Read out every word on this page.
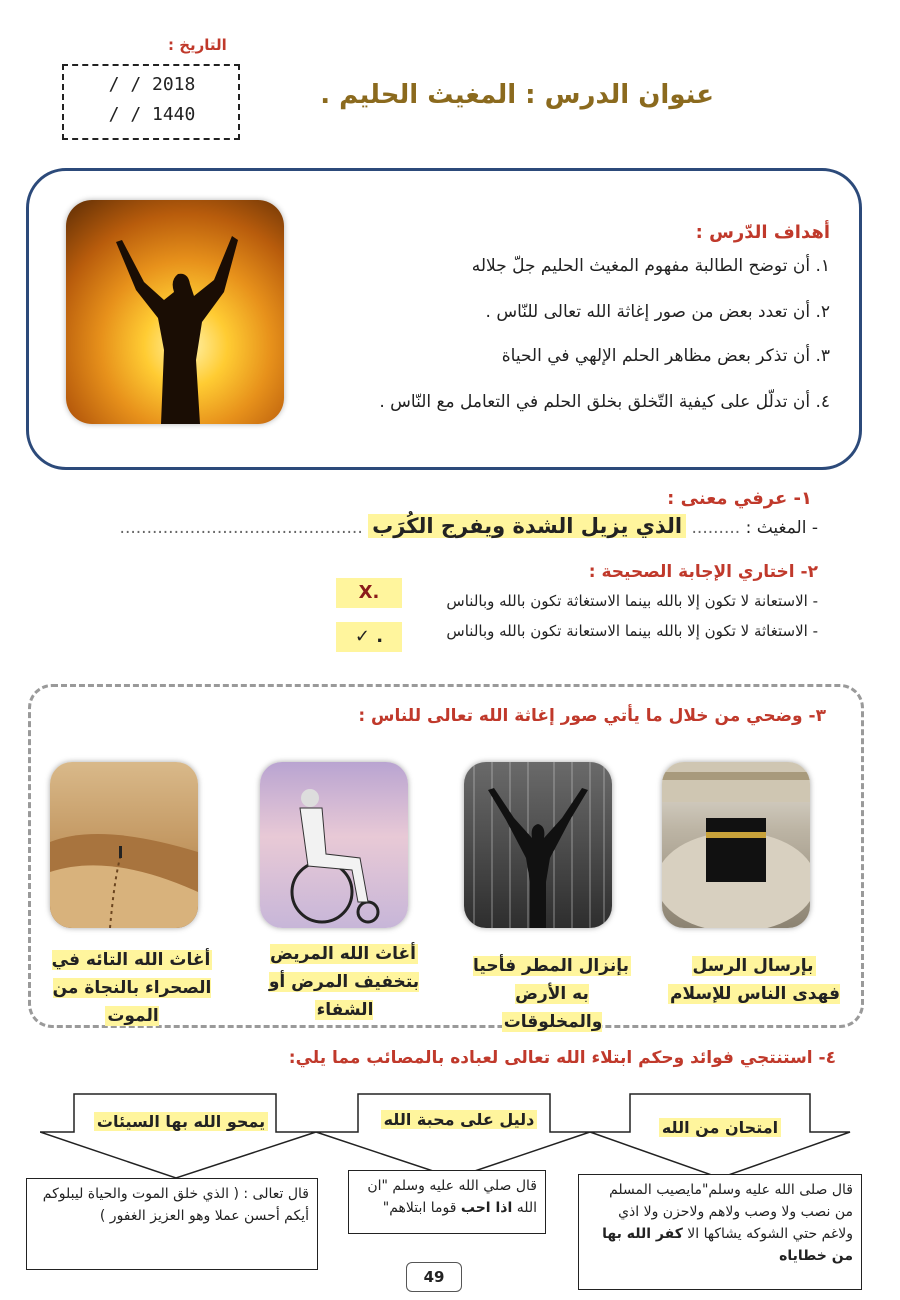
التاريخ :
/ / 2018
/ / 1440
عنوان الدرس : المغيث الحليم .
أهداف الدّرس :
١. أن توضح الطالبة مفهوم المغيث الحليم جلّ جلاله
٢. أن تعدد بعض من صور إغاثة الله تعالى للنّاس .
٣. أن تذكر بعض مظاهر الحلم الإلهي في الحياة
٤. أن تدلّل على كيفية التّخلق بخلق الحلم في التعامل مع النّاس .
١- عرفي معنى :
- المغيث : ......... الذي يزيل الشدة ويفرج الكُرَب .............................................
٢- اختاري الإجابة الصحيحة :
- الاستعانة لا تكون إلا بالله بينما الاستغاثة تكون بالله وبالناس
X.
- الاستغاثة لا تكون إلا بالله بينما الاستعانة تكون بالله وبالناس
✓ .
٣- وضحي من خلال ما يأتي صور إغاثة الله تعالى للناس :
بإرسال الرسل فهدى الناس للإسلام
بإنزال المطر فأحيا به الأرض والمخلوقات
أغاث الله المريض بتخفيف المرض أو الشفاء
أغاث الله التائه في الصحراء بالنجاة من الموت
٤- استنتجي فوائد وحكم ابتلاء الله تعالى لعباده بالمصائب مما يلي:
امتحان من الله
دليل على محبة الله
يمحو الله بها السيئات
قال صلى الله عليه وسلم"مايصيب المسلم من نصب ولا وصب ولاهم ولاحزن ولا اذي ولاغم حتي الشوكه يشاكها الا كفر الله بها من خطاياه
قال صلي الله عليه وسلم "ان الله اذا احب قوما ابتلاهم"
قال تعالى : ( الذي خلق الموت والحياة ليبلوكم أيكم أحسن عملا وهو العزيز الغفور )
49
